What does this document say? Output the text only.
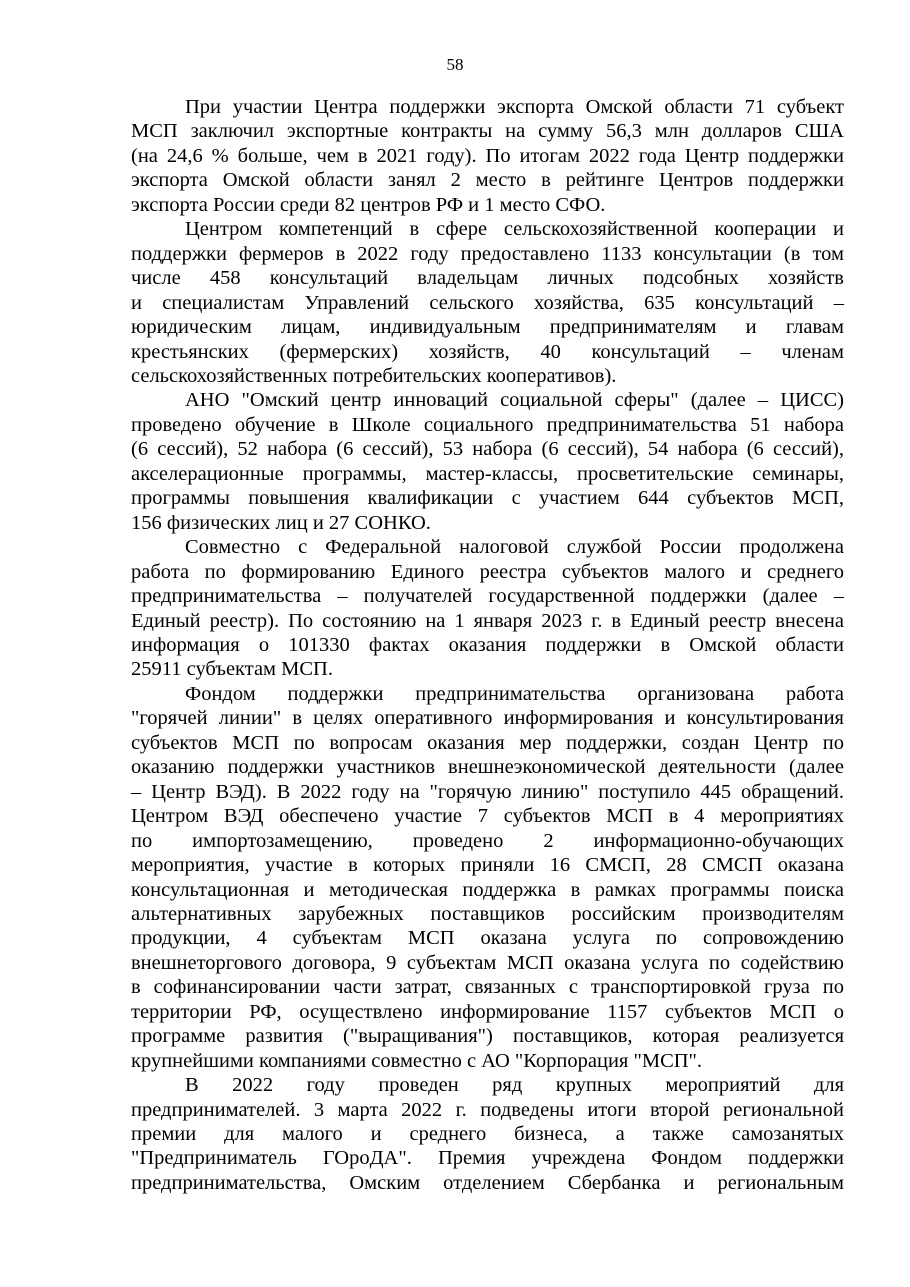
58

При участии Центра поддержки экспорта Омской области 71 субъект
МСП заключил экспортные контракты на сумму 56,3 млн долларов США
(на 24,6 % больше, чем в 2021 году). По итогам 2022 года Центр поддержки
экспорта Омской области занял 2 место в рейтинге Центров поддержки
экспорта России среди 82 центров РФ и 1 место СФО.

Центром компетенций в сфере сельскохозяйственной кооперации и
поддержки фермеров в 2022 году предоставлено 1133 консультации (в том
числе 458 консультаций владельцам личных подсобных хозяйств
и специалистам Управлений сельского хозяйства, 635 консультаций –
юридическим лицам, индивидуальным предпринимателям и главам
крестьянских (фермерских) хозяйств, 40 консультаций – членам
сельскохозяйственных потребительских кооперативов).

АНО "Омский центр инноваций социальной сферы" (далее – ЦИСС)
проведено обучение в Школе социального предпринимательства 51 набора
(6 сессий), 52 набора (6 сессий), 53 набора (6 сессий), 54 набора (6 сессий),
акселерационные программы, мастер-классы, просветительские семинары,
программы повышения квалификации с участием 644 субъектов МСП,
156 физических лиц и 27 СОНКО.

Совместно с Федеральной налоговой службой России продолжена
работа по формированию Единого реестра субъектов малого и среднего
предпринимательства – получателей государственной поддержки (далее –
Единый реестр). По состоянию на 1 января 2023 г. в Единый реестр внесена
информация о 101330 фактах оказания поддержки в Омской области
25911 субъектам МСП.

Фондом поддержки предпринимательства организована работа
"горячей линии" в целях оперативного информирования и консультирования
субъектов МСП по вопросам оказания мер поддержки, создан Центр по
оказанию поддержки участников внешнеэкономической деятельности (далее
– Центр ВЭД). В 2022 году на "горячую линию" поступило 445 обращений.
Центром ВЭД обеспечено участие 7 субъектов МСП в 4 мероприятиях
по импортозамещению, проведено 2 информационно-обучающих
мероприятия, участие в которых приняли 16 СМСП, 28 СМСП оказана
консультационная и методическая поддержка в рамках программы поиска
альтернативных зарубежных поставщиков российским производителям
продукции, 4 субъектам МСП оказана услуга по сопровождению
внешнеторгового договора, 9 субъектам МСП оказана услуга по содействию
в софинансировании части затрат, связанных с транспортировкой груза по
территории РФ, осуществлено информирование 1157 субъектов МСП о
программе развития ("выращивания") поставщиков, которая реализуется
крупнейшими компаниями совместно с АО "Корпорация "МСП".

В 2022 году проведен ряд крупных мероприятий для
предпринимателей. 3 марта 2022 г. подведены итоги второй региональной
премии для малого и среднего бизнеса, а также самозанятых
"Предприниматель ГОроДА". Премия учреждена Фондом поддержки
предпринимательства, Омским отделением Сбербанка и региональным
